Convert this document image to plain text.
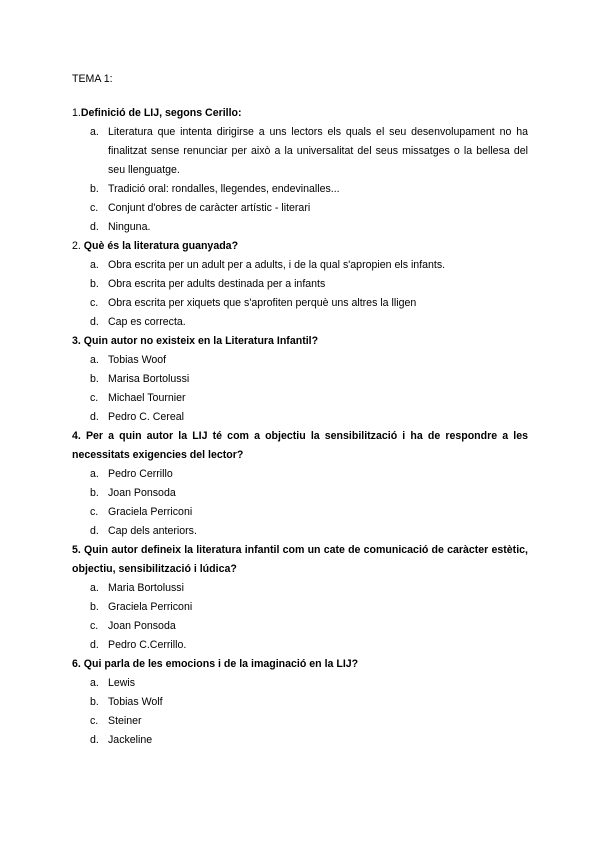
TEMA 1:

1.Definició de LIJ, segons Cerillo:

a. Literatura que intenta dirigirse a uns lectors els quals el seu desenvolupament no ha finalitzat sense renunciar per això a la universalitat del seus missatges o la bellesa del seu llenguatge.
b. Tradició oral: rondalles, llegendes, endevinalles...
c. Conjunt d'obres de caràcter artístic - literari
d. Ninguna.

2. Què és la literatura guanyada?

a. Obra escrita per un adult per a adults, i de la qual s'apropien els infants.
b. Obra escrita per adults destinada per a infants
c. Obra escrita per xiquets que s'aprofiten perquè uns altres la lligen
d. Cap es correcta.

3. Quin autor no existeix en la Literatura Infantil?

a. Tobias Woof
b. Marisa Bortolussi
c. Michael Tournier
d. Pedro C. Cereal

4. Per a quin autor la LIJ té com a objectiu la sensibilització i ha de respondre a les necessitats exigencies del lector?

a. Pedro Cerrillo
b. Joan Ponsoda
c. Graciela Perriconi
d. Cap dels anteriors.

5. Quin autor defineix la literatura infantil com un cate de comunicació de caràcter estètic, objectiu, sensibilització i lúdica?

a. Maria Bortolussi
b. Graciela Perriconi
c. Joan Ponsoda
d. Pedro C.Cerrillo.

6. Qui parla de les emocions i de la imaginació en la LIJ?

a. Lewis
b. Tobias Wolf
c. Steiner
d. Jackeline
